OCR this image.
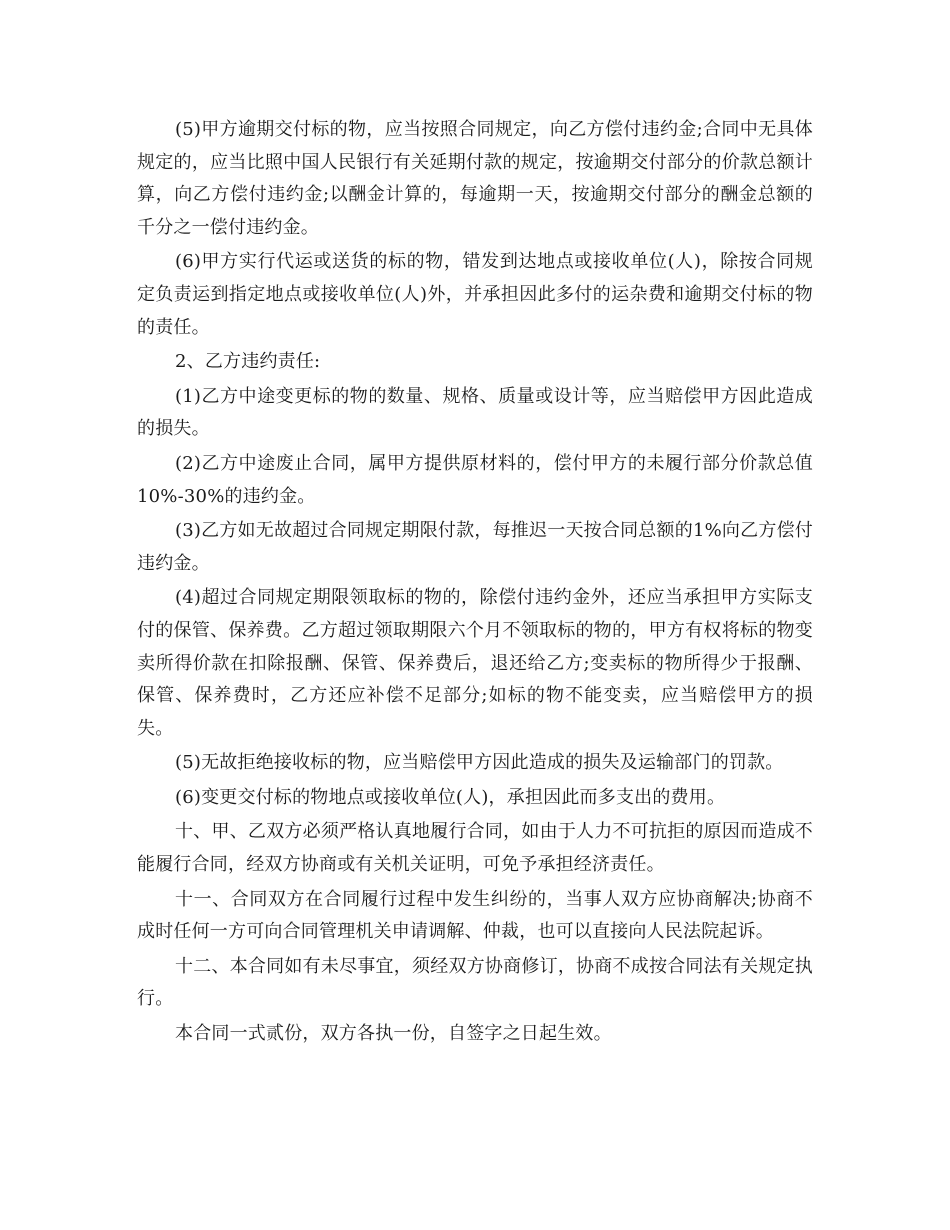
(5)甲方逾期交付标的物，应当按照合同规定，向乙方偿付违约金;合同中无具体规定的，应当比照中国人民银行有关延期付款的规定，按逾期交付部分的价款总额计算，向乙方偿付违约金;以酬金计算的，每逾期一天，按逾期交付部分的酬金总额的千分之一偿付违约金。

(6)甲方实行代运或送货的标的物，错发到达地点或接收单位(人)，除按合同规定负责运到指定地点或接收单位(人)外，并承担因此多付的运杂费和逾期交付标的物的责任。

2、乙方违约责任:

(1)乙方中途变更标的物的数量、规格、质量或设计等，应当赔偿甲方因此造成的损失。

(2)乙方中途废止合同，属甲方提供原材料的，偿付甲方的未履行部分价款总值10%-30%的违约金。

(3)乙方如无故超过合同规定期限付款，每推迟一天按合同总额的1%向乙方偿付违约金。

(4)超过合同规定期限领取标的物的，除偿付违约金外，还应当承担甲方实际支付的保管、保养费。乙方超过领取期限六个月不领取标的物的，甲方有权将标的物变卖所得价款在扣除报酬、保管、保养费后，退还给乙方;变卖标的物所得少于报酬、保管、保养费时，乙方还应补偿不足部分;如标的物不能变卖，应当赔偿甲方的损失。

(5)无故拒绝接收标的物，应当赔偿甲方因此造成的损失及运输部门的罚款。

(6)变更交付标的物地点或接收单位(人)，承担因此而多支出的费用。

十、甲、乙双方必须严格认真地履行合同，如由于人力不可抗拒的原因而造成不能履行合同，经双方协商或有关机关证明，可免予承担经济责任。

十一、合同双方在合同履行过程中发生纠纷的，当事人双方应协商解决;协商不成时任何一方可向合同管理机关申请调解、仲裁，也可以直接向人民法院起诉。

十二、本合同如有未尽事宜，须经双方协商修订，协商不成按合同法有关规定执行。

本合同一式贰份，双方各执一份，自签字之日起生效。
